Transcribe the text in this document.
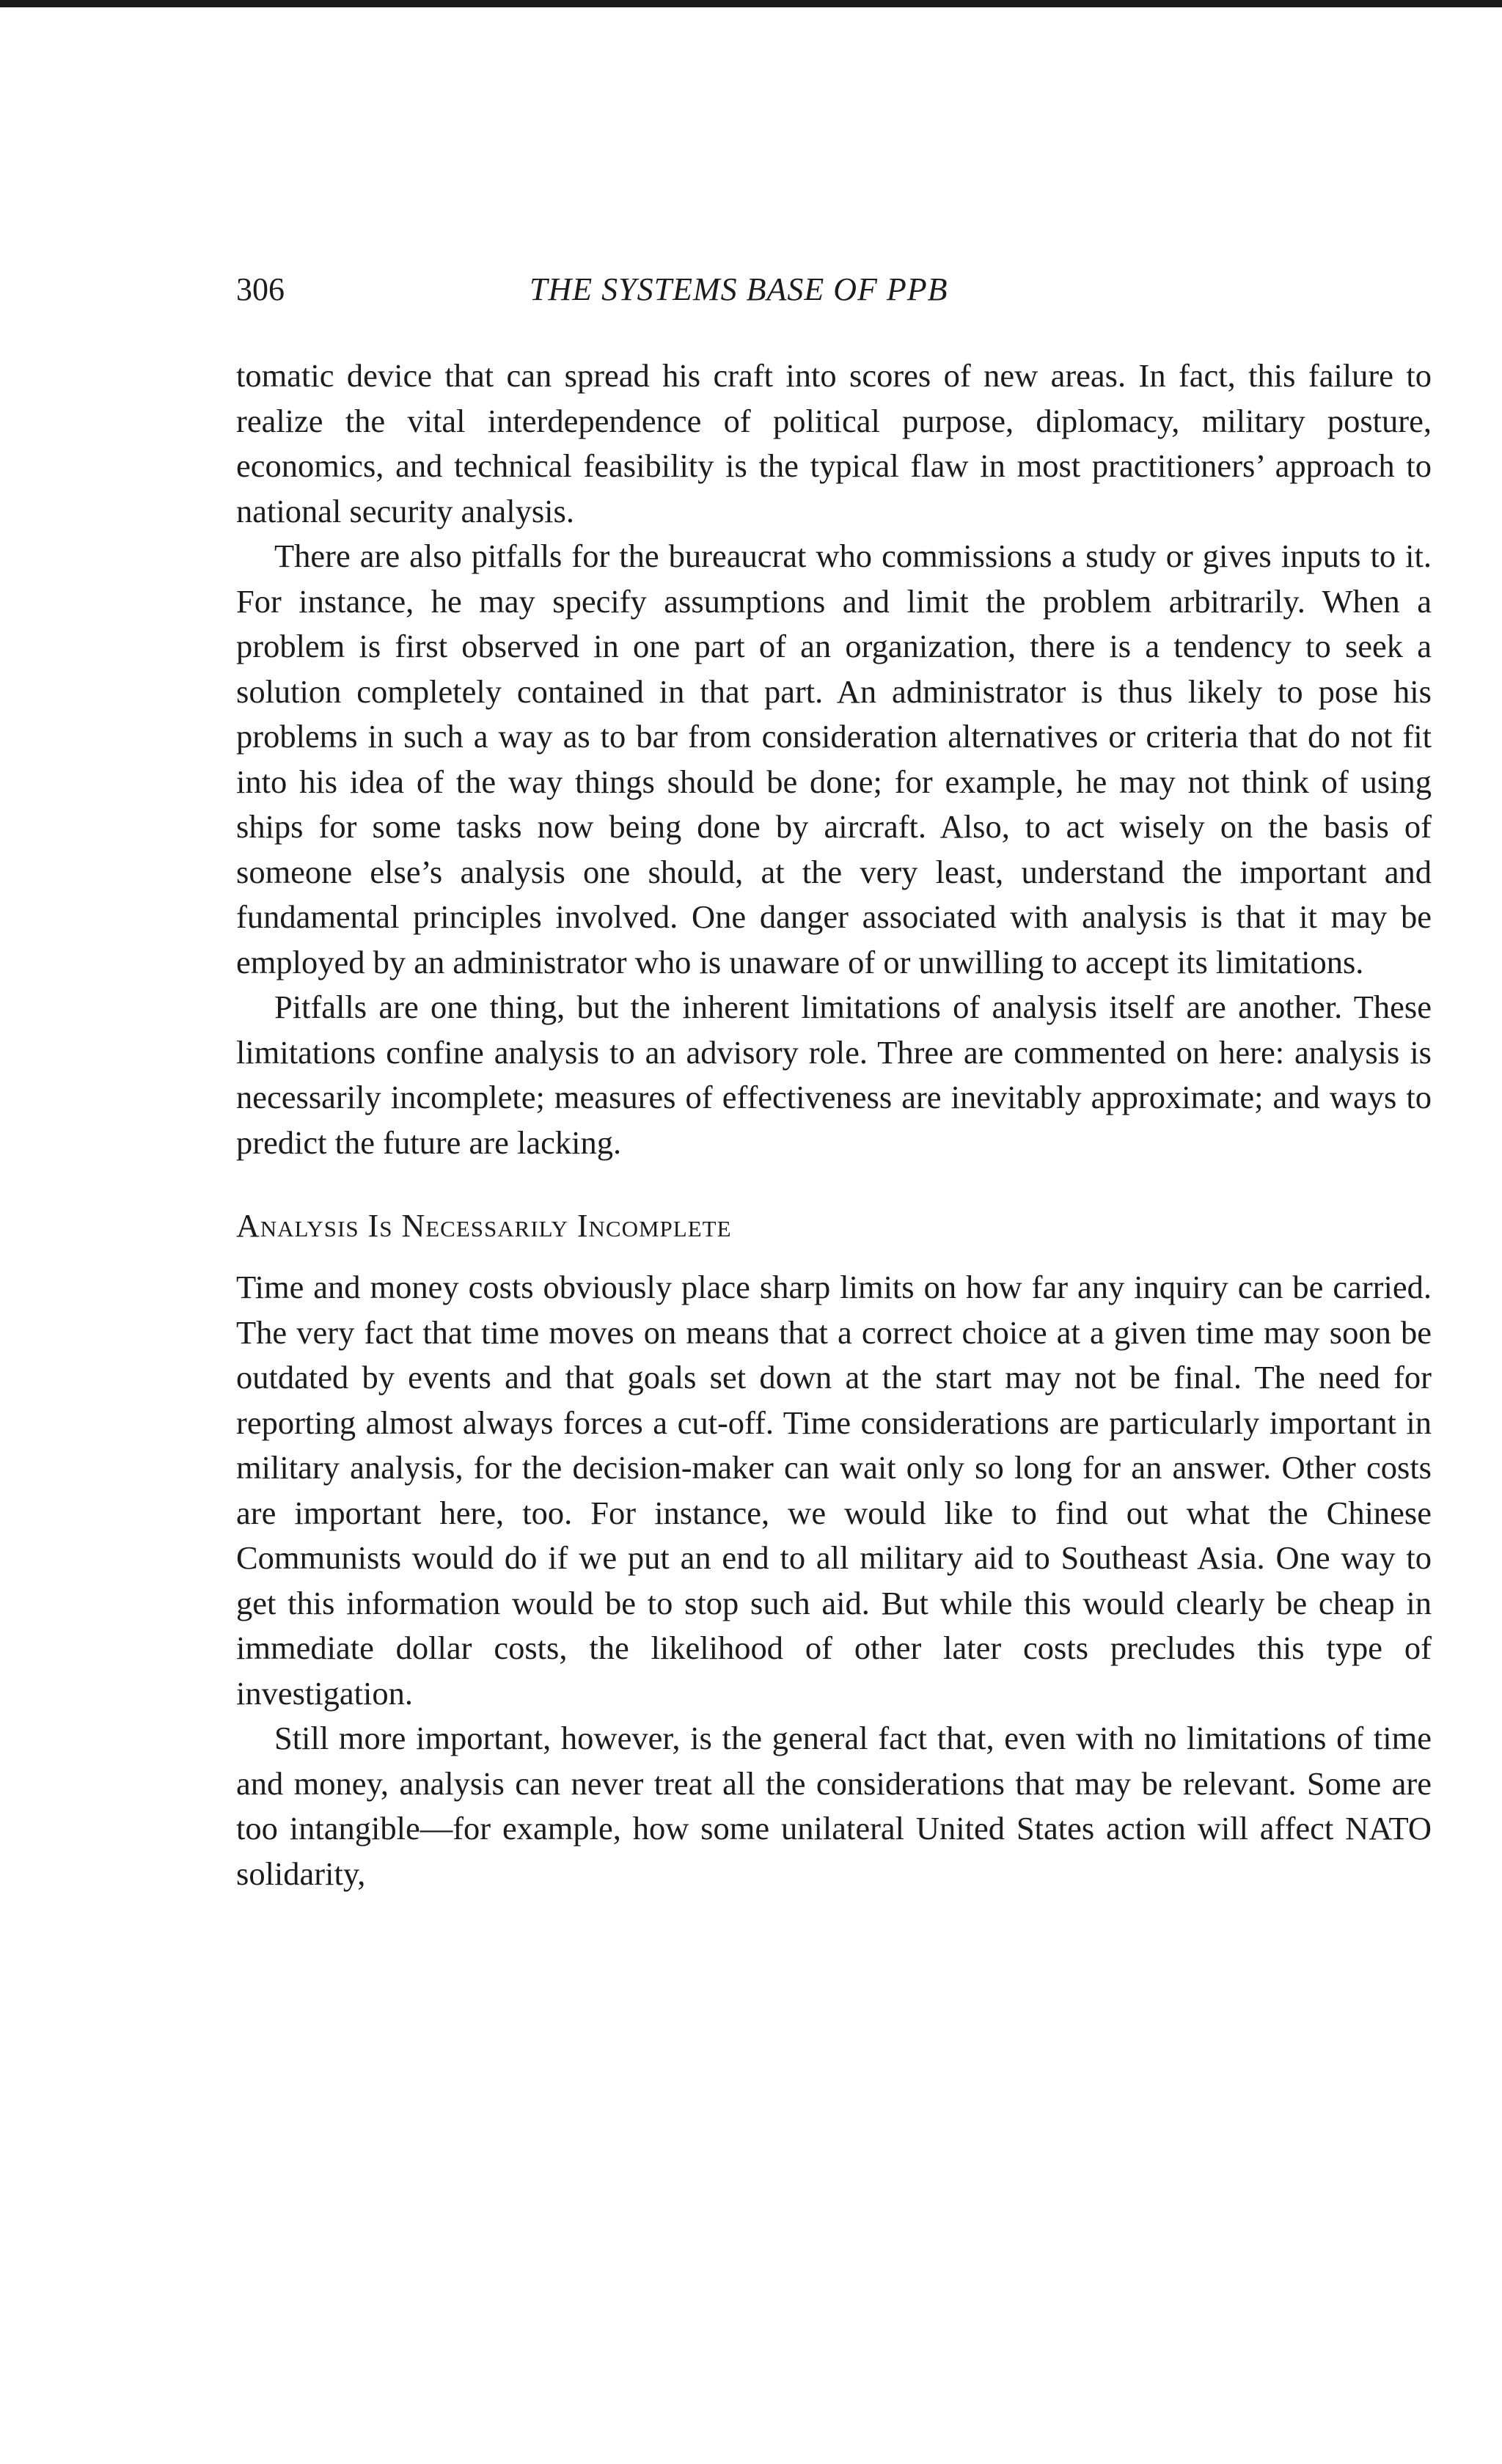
306	THE SYSTEMS BASE OF PPB

tomatic device that can spread his craft into scores of new areas. In fact, this failure to realize the vital interdependence of political purpose, diplomacy, military posture, economics, and technical feasibility is the typical flaw in most practitioners’ approach to national security analysis.

There are also pitfalls for the bureaucrat who commissions a study or gives inputs to it. For instance, he may specify assumptions and limit the problem arbitrarily. When a problem is first observed in one part of an organization, there is a tendency to seek a solution completely contained in that part. An administrator is thus likely to pose his problems in such a way as to bar from consideration alternatives or criteria that do not fit into his idea of the way things should be done; for example, he may not think of using ships for some tasks now being done by aircraft. Also, to act wisely on the basis of someone else’s analysis one should, at the very least, understand the important and fundamental principles involved. One danger associated with analysis is that it may be employed by an administrator who is unaware of or unwilling to accept its limitations.

Pitfalls are one thing, but the inherent limitations of analysis itself are another. These limitations confine analysis to an advisory role. Three are commented on here: analysis is necessarily incomplete; measures of effectiveness are inevitably approximate; and ways to predict the future are lacking.

Analysis Is Necessarily Incomplete

Time and money costs obviously place sharp limits on how far any inquiry can be carried. The very fact that time moves on means that a correct choice at a given time may soon be outdated by events and that goals set down at the start may not be final. The need for reporting almost always forces a cut-off. Time considerations are particularly important in military analysis, for the decision-maker can wait only so long for an answer. Other costs are important here, too. For instance, we would like to find out what the Chinese Communists would do if we put an end to all military aid to Southeast Asia. One way to get this information would be to stop such aid. But while this would clearly be cheap in immediate dollar costs, the likelihood of other later costs precludes this type of investigation.

Still more important, however, is the general fact that, even with no limitations of time and money, analysis can never treat all the considerations that may be relevant. Some are too intangible—for example, how some unilateral United States action will affect NATO solidarity,
